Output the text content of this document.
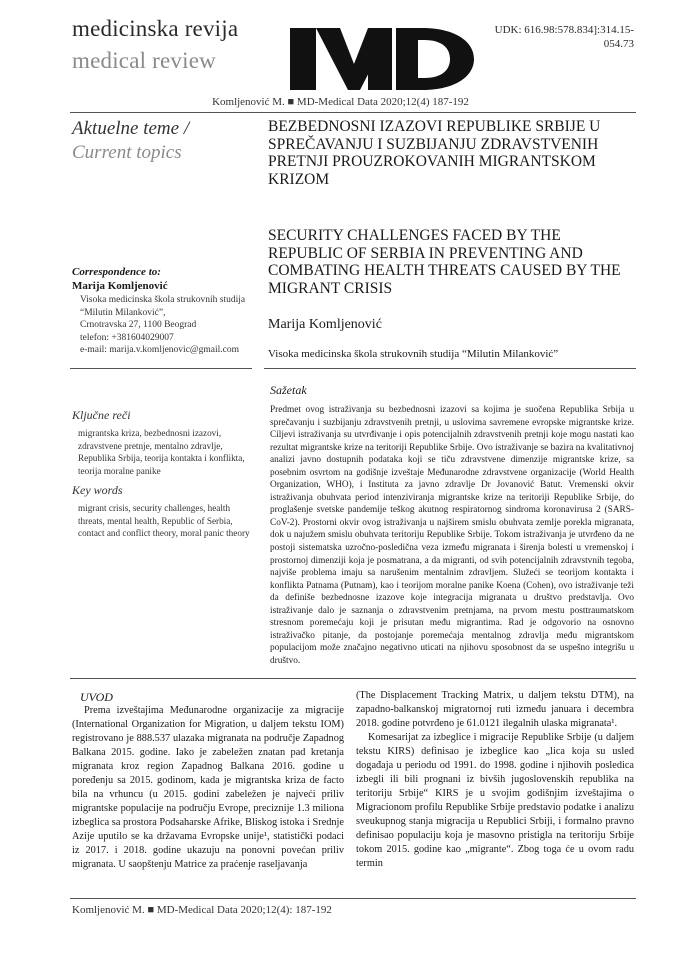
medicinska revija
medical review
UDK: 616.98:578.834]:314.15-
054.73
Komljenović M. ■ MD-Medical Data 2020;12(4) 187-192
Aktuelne teme /
Current topics
Correspondence to:
Marija Komljenović
Visoka medicinska škola strukovnih studija
“Milutin Milanković”,
Crnotravska 27, 1100 Beograd
telefon: +381604029007
e-mail: marija.v.komljenovic@gmail.com
Ključne reči
migrantska kriza, bezbednosni izazovi, zdravstvene pretnje, mentalno zdravlje, Republika Srbija, teorija kontakta i konflikta, teorija moralne panike
Key words
migrant crisis, security challenges, health threats, mental health, Republic of Serbia, contact and conflict theory, moral panic theory
BEZBEDNOSNI IZAZOVI REPUBLIKE SRBIJE U SPREČAVANJU I SUZBIJANJU ZDRAVSTVENIH PRETNJI PROUZROKOVANIH MIGRANTSKOM KRIZOM
SECURITY CHALLENGES FACED BY THE REPUBLIC OF SERBIA IN PREVENTING AND COMBATING HEALTH THREATS CAUSED BY THE MIGRANT CRISIS
Marija Komljenović
Visoka medicinska škola strukovnih studija “Milutin Milanković”
Sažetak
Predmet ovog istraživanja su bezbednosni izazovi sa kojima je suočena Republika Srbija u sprečavanju i suzbijanju zdravstvenih pretnji, u uslovima savremene evropske migrantske krize. Ciljevi istraživanja su utvrđivanje i opis potencijalnih zdravstvenih pretnji koje mogu nastati kao rezultat migrantske krize na teritoriji Republike Srbije. Ovo istraživanje se bazira na kvalitativnoj analizi javno dostupnih podataka koji se tiču zdravstvene dimenzije migrantske krize, sa posebnim osvrtom na godišnje izveštaje Međunarodne zdravstvene organizacije (World Health Organization, WHO), i Instituta za javno zdravlje Dr Jovanović Batut. Vremenski okvir istraživanja obuhvata period intenziviranja migrantske krize na teritoriji Republike Srbije, do proglašenje svetske pandemije teškog akutnog respiratornog sindroma koronavirusa 2 (SARS-CoV-2). Prostorni okvir ovog istraživanja u najširem smislu obuhvata zemlje porekla migranata, dok u najužem smislu obuhvata teritoriju Republike Srbije. Tokom istraživanja je utvrđeno da ne postoji sistematska uzročno-posledična veza između migranata i širenja bolesti u vremenskoj i prostornoj dimenziji koja je posmatrana, a da migranti, od svih potencijalnih zdravstvnih tegoba, najviše problema imaju sa narušenim mentalnim zdravljem. Služeći se teorijom kontakta i konflikta Patnama (Putnam), kao i teorijom moralne panike Koena (Cohen), ovo istraživanje teži da definiše bezbednosne izazove koje integracija migranata u društvo predstavlja. Ovo istraživanje dalo je saznanja o zdravstvenim pretnjama, na prvom mestu posttraumatskom stresnom poremećaju koji je prisutan među migrantima. Rad je odgovorio na osnovno istraživačko pitanje, da postojanje poremećaja mentalnog zdravlja među migrantskom populacijom može značajno negativno uticati na njihovu sposobnost da se uspešno integrišu u društvo.
UVOD

Prema izveštajima Međunarodne organizacije za migracije (International Organization for Migration, u daljem tekstu IOM) registrovano je 888.537 ulazaka migranata na područje Zapadnog Balkana 2015. godine. Iako je zabeležen znatan pad kretanja migranata kroz region Zapadnog Balkana 2016. godine u poređenju sa 2015. godinom, kada je migrantska kriza de facto bila na vrhuncu (u 2015. godini zabeležen je najveći priliv migrantske populacije na području Evrope, preciznije 1.3 miliona izbeglica sa prostora Podsaharske Afrike, Bliskog istoka i Srednje Azije uputilo se ka državama Evropske unije¹, statistički podaci iz 2017. i 2018. godine ukazuju na ponovni povećan priliv migranata. U saopštenju Matrice za praćenje raseljavanja

(The Displacement Tracking Matrix, u daljem tekstu DTM), na zapadno-balkanskoj migratornoj ruti između januara i decembra 2018. godine potvrđeno je 61.0121 ilegalnih ulaska migranata¹.

Komesarijat za izbeglice i migracije Republike Srbije (u daljem tekstu KIRS) definisao je izbeglice kao „lica koja su usled događaja u periodu od 1991. do 1998. godine i njihovih posledica izbegli ili bili prognani iz bivših jugoslovenskih republika na teritoriju Srbije“ KIRS je u svojim godišnjim izveštajima o Migracionom profilu Republike Srbije predstavio podatke i analizu sveukupnog stanja migracija u Republici Srbiji, i formalno pravno definisao populaciju koja je masovno pristigla na teritoriju Srbije tokom 2015. godine kao „migrante“. Zbog toga će u ovom radu termin

Komljenović M. ■ MD-Medical Data 2020;12(4): 187-192
